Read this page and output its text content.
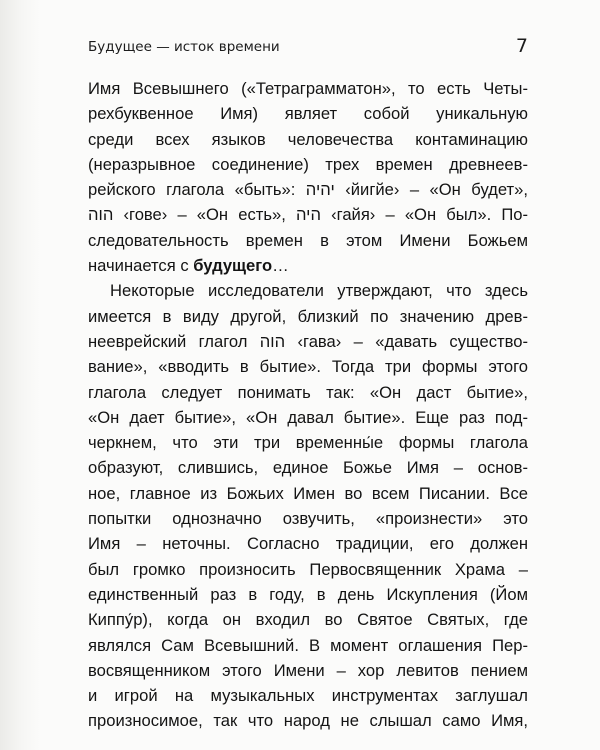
Будущее — исток времени	7
Имя Всевышнего («Тетраграмматон», то есть Четы-
рехбуквенное Имя) являет собой уникальную
среди всех языков человечества контаминацию
(неразрывное соединение) трех времен древнеев-
рейского глагола «быть»: יהיה ‹йигйе› – «Он будет»,
הוה ‹гове› – «Он есть», היה ‹гайя› – «Он был». По-
следовательность времен в этом Имени Божьем
начинается с будущего…
Некоторые исследователи утверждают, что здесь
имеется в виду другой, близкий по значению древ-
нееврейский глагол הוה ‹гава› – «давать существо-
вание», «вводить в бытие». Тогда три формы этого
глагола следует понимать так: «Он даст бытие»,
«Он дает бытие», «Он давал бытие». Еще раз под-
черкнем, что эти три временны́е формы глагола
образуют, слившись, единое Божье Имя – основ-
ное, главное из Божьих Имен во всем Писании. Все
попытки однозначно озвучить, «произнести» это
Имя – неточны. Согласно традиции, его должен
был громко произносить Первосвященник Храма –
единственный раз в году, в день Искупления (Йом
Киппу́р), когда он входил во Святое Святых, где
являлся Сам Всевышний. В момент оглашения Пер-
восвященником этого Имени – хор левитов пением
и игрой на музыкальных инструментах заглушал
произносимое, так что народ не слышал само Имя,
